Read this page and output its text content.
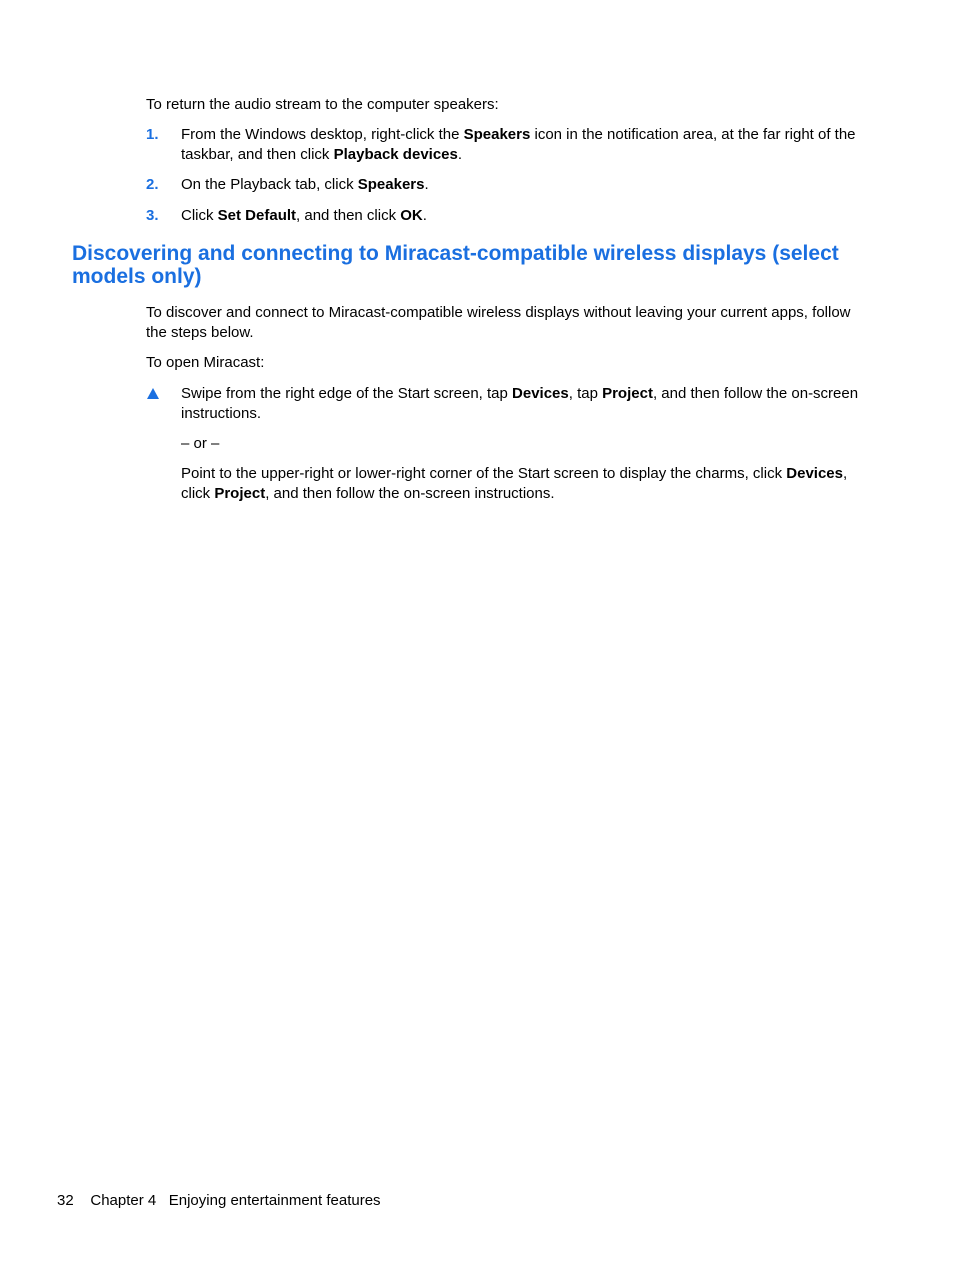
To return the audio stream to the computer speakers:

1. From the Windows desktop, right-click the Speakers icon in the notification area, at the far right of the taskbar, and then click Playback devices.
2. On the Playback tab, click Speakers.
3. Click Set Default, and then click OK.
Discovering and connecting to Miracast-compatible wireless displays (select models only)

To discover and connect to Miracast-compatible wireless displays without leaving your current apps, follow the steps below.

To open Miracast:

Swipe from the right edge of the Start screen, tap Devices, tap Project, and then follow the on-screen instructions.

– or –

Point to the upper-right or lower-right corner of the Start screen to display the charms, click Devices, click Project, and then follow the on-screen instructions.

32 Chapter 4 Enjoying entertainment features
